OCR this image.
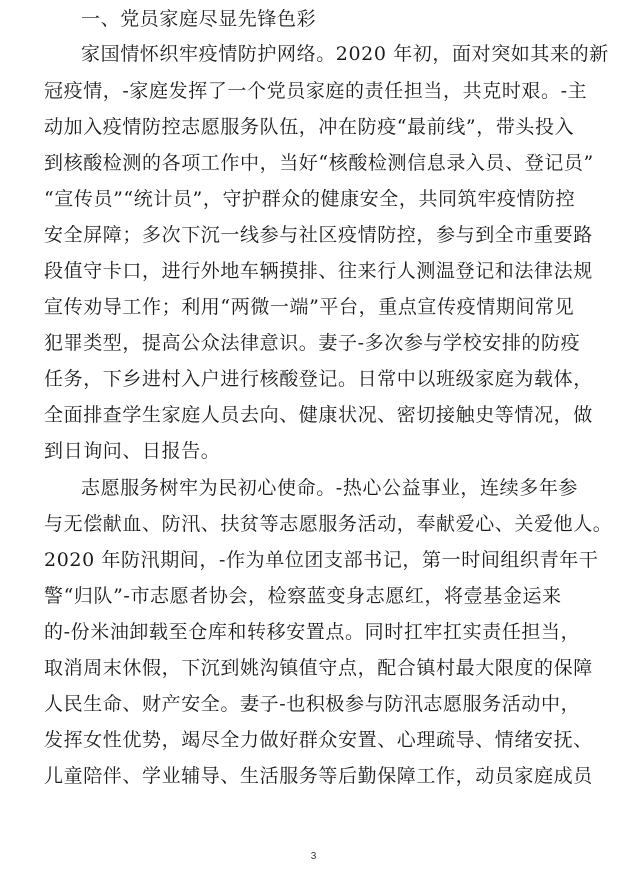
一、党员家庭尽显先锋色彩
家国情怀织牢疫情防护网络。2020 年初，面对突如其来的新
冠疫情，-家庭发挥了一个党员家庭的责任担当，共克时艰。-主
动加入疫情防控志愿服务队伍，冲在防疫“最前线”，带头投入
到核酸检测的各项工作中，当好“核酸检测信息录入员、登记员”
“宣传员”“统计员”，守护群众的健康安全，共同筑牢疫情防控
安全屏障；多次下沉一线参与社区疫情防控，参与到全市重要路
段值守卡口，进行外地车辆摸排、往来行人测温登记和法律法规
宣传劝导工作；利用“两微一端”平台，重点宣传疫情期间常见
犯罪类型，提高公众法律意识。妻子-多次参与学校安排的防疫
任务，下乡进村入户进行核酸登记。日常中以班级家庭为载体，
全面排查学生家庭人员去向、健康状况、密切接触史等情况，做
到日询问、日报告。
志愿服务树牢为民初心使命。-热心公益事业，连续多年参
与无偿献血、防汛、扶贫等志愿服务活动，奉献爱心、关爱他人。
2020 年防汛期间，-作为单位团支部书记，第一时间组织青年干
警“归队”-市志愿者协会，检察蓝变身志愿红，将壹基金运来
的-份米油卸载至仓库和转移安置点。同时扛牢扛实责任担当，
取消周末休假，下沉到姚沟镇值守点，配合镇村最大限度的保障
人民生命、财产安全。妻子-也积极参与防汛志愿服务活动中，
发挥女性优势，竭尽全力做好群众安置、心理疏导、情绪安抚、
儿童陪伴、学业辅导、生活服务等后勤保障工作，动员家庭成员
3
